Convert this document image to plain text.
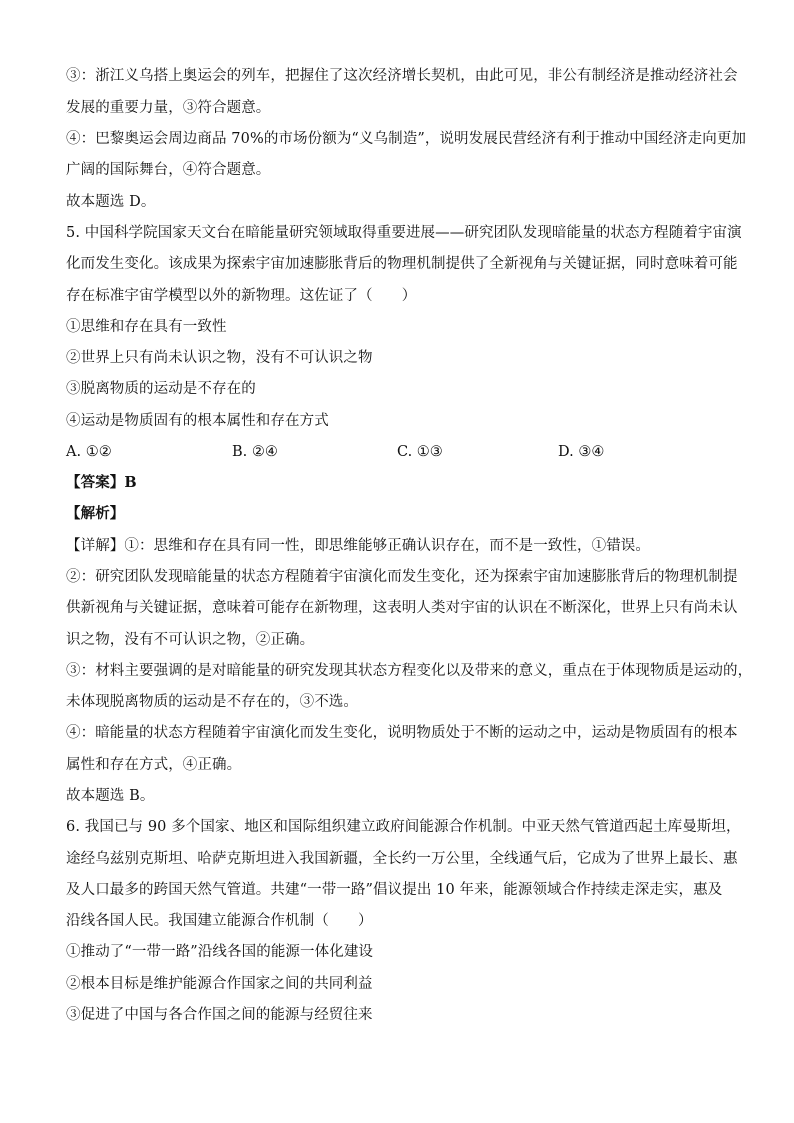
③：浙江义乌搭上奥运会的列车，把握住了这次经济增长契机，由此可见，非公有制经济是推动经济社会
发展的重要力量，③符合题意。
④：巴黎奥运会周边商品 70%的市场份额为“义乌制造”，说明发展民营经济有利于推动中国经济走向更加
广阔的国际舞台，④符合题意。
故本题选 D。
5. 中国科学院国家天文台在暗能量研究领域取得重要进展——研究团队发现暗能量的状态方程随着宇宙演
化而发生变化。该成果为探索宇宙加速膨胀背后的物理机制提供了全新视角与关键证据，同时意味着可能
存在标准宇宙学模型以外的新物理。这佐证了（　　）
①思维和存在具有一致性
②世界上只有尚未认识之物，没有不可认识之物
③脱离物质的运动是不存在的
④运动是物质固有的根本属性和存在方式
A. ①②	B. ②④	C. ①③	D. ③④
【答案】B
【解析】
【详解】①：思维和存在具有同一性，即思维能够正确认识存在，而不是一致性，①错误。
②：研究团队发现暗能量的状态方程随着宇宙演化而发生变化，还为探索宇宙加速膨胀背后的物理机制提
供新视角与关键证据，意味着可能存在新物理，这表明人类对宇宙的认识在不断深化，世界上只有尚未认
识之物，没有不可认识之物，②正确。
③：材料主要强调的是对暗能量的研究发现其状态方程变化以及带来的意义，重点在于体现物质是运动的，
未体现脱离物质的运动是不存在的，③不选。
④：暗能量的状态方程随着宇宙演化而发生变化，说明物质处于不断的运动之中，运动是物质固有的根本
属性和存在方式，④正确。
故本题选 B。
6. 我国已与 90 多个国家、地区和国际组织建立政府间能源合作机制。中亚天然气管道西起土库曼斯坦，
途经乌兹别克斯坦、哈萨克斯坦进入我国新疆，全长约一万公里，全线通气后，它成为了世界上最长、惠
及人口最多的跨国天然气管道。共建“一带一路”倡议提出 10 年来，能源领域合作持续走深走实，惠及
沿线各国人民。我国建立能源合作机制（　　）
①推动了“一带一路”沿线各国的能源一体化建设
②根本目标是维护能源合作国家之间的共同利益
③促进了中国与各合作国之间的能源与经贸往来
